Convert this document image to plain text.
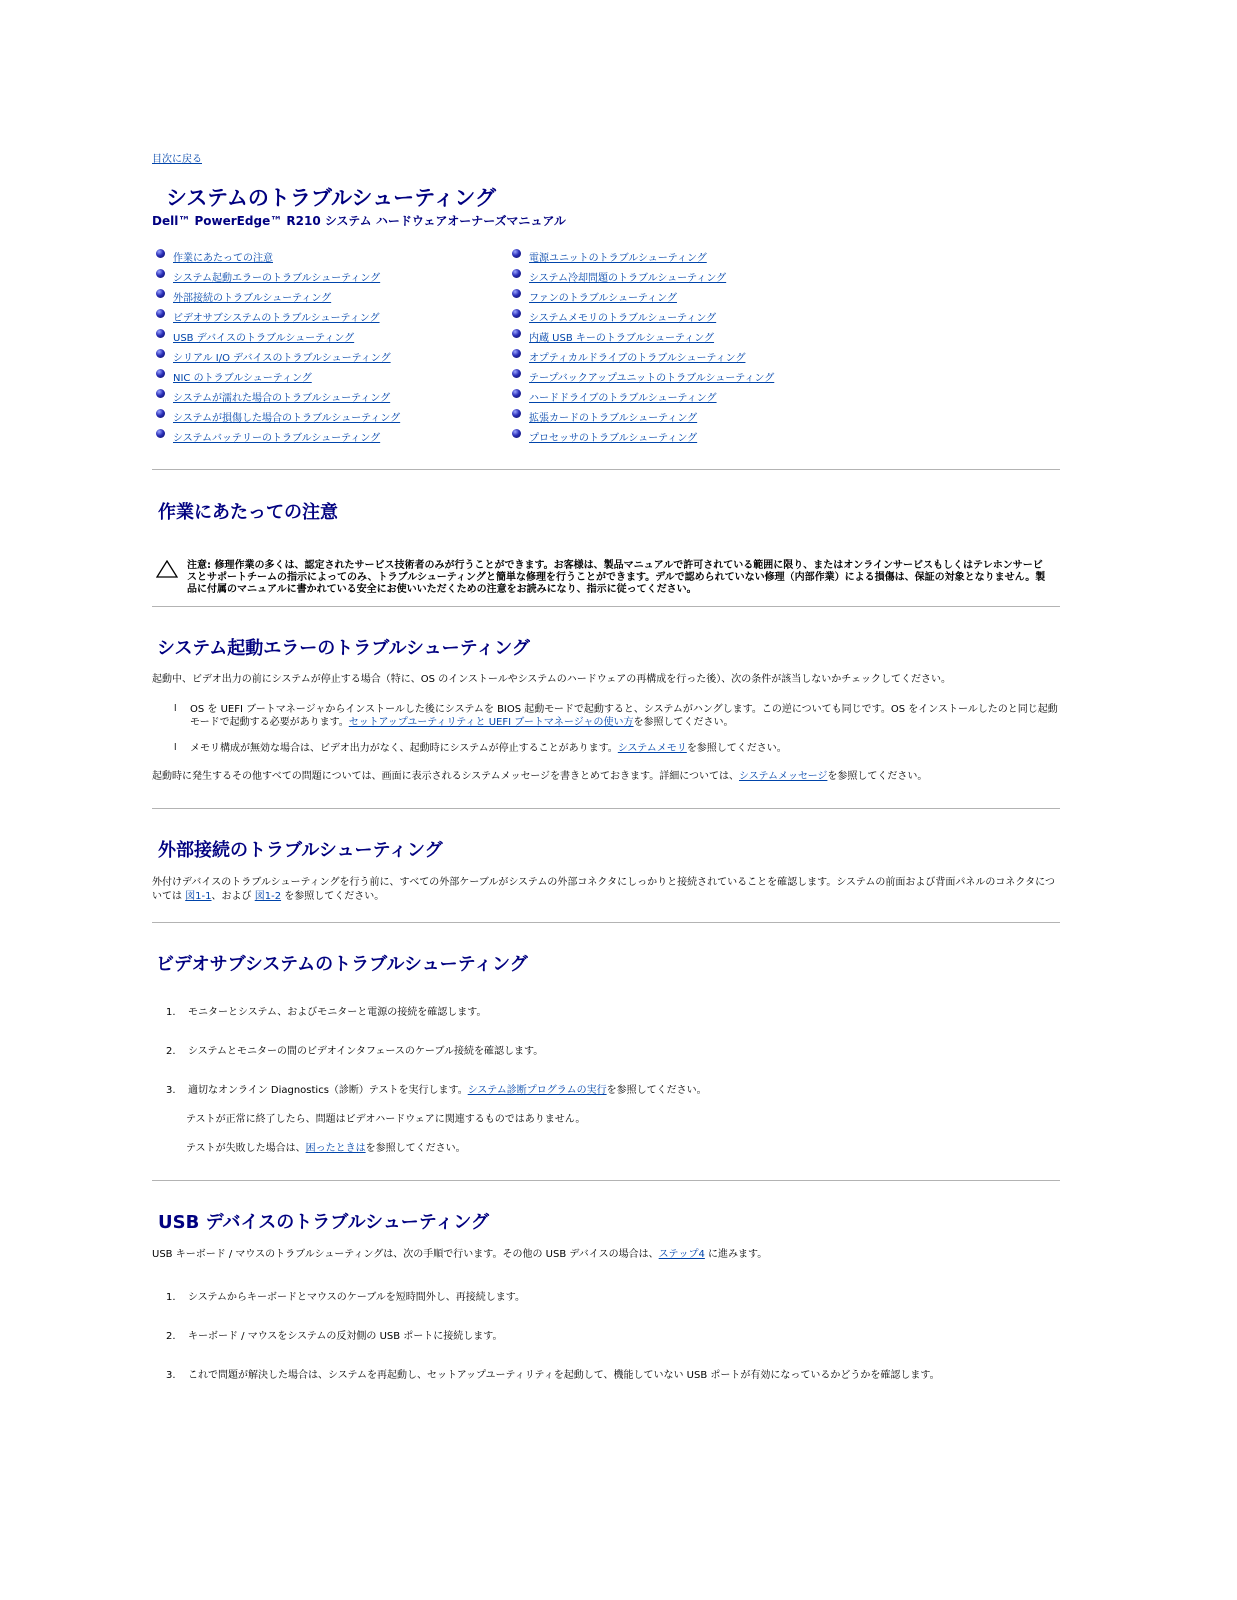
目次に戻る
システムのトラブルシューティング
Dell™ PowerEdge™ R210 システム ハードウェアオーナーズマニュアル
作業にあたっての注意
システム起動エラーのトラブルシューティング
外部接続のトラブルシューティング
ビデオサブシステムのトラブルシューティング
USB デバイスのトラブルシューティング
シリアル I/O デバイスのトラブルシューティング
NIC のトラブルシューティング
システムが濡れた場合のトラブルシューティング
システムが損傷した場合のトラブルシューティング
システムバッテリーのトラブルシューティング
電源ユニットのトラブルシューティング
システム冷却問題のトラブルシューティング
ファンのトラブルシューティング
システムメモリのトラブルシューティング
内蔵 USB キーのトラブルシューティング
オプティカルドライブのトラブルシューティング
テープバックアップユニットのトラブルシューティング
ハードドライブのトラブルシューティング
拡張カードのトラブルシューティング
プロセッサのトラブルシューティング
作業にあたっての注意
注意: 修理作業の多くは、認定されたサービス技術者のみが行うことができます。お客様は、製品マニュアルで許可されている範囲に限り、またはオンラインサービスもしくはテレホンサービスとサポートチームの指示によってのみ、トラブルシューティングと簡単な修理を行うことができます。デルで認められていない修理（内部作業）による損傷は、保証の対象となりません。製品に付属のマニュアルに書かれている安全にお使いいただくための注意をお読みになり、指示に従ってください。
システム起動エラーのトラブルシューティング
起動中、ビデオ出力の前にシステムが停止する場合（特に、OS のインストールやシステムのハードウェアの再構成を行った後）、次の条件が該当しないかチェックしてください。
l	OS を UEFI ブートマネージャからインストールした後にシステムを BIOS 起動モードで起動すると、システムがハングします。この逆についても同じです。OS をインストールしたのと同じ起動モードで起動する必要があります。セットアップユーティリティと UEFI ブートマネージャの使い方を参照してください。
l	メモリ構成が無効な場合は、ビデオ出力がなく、起動時にシステムが停止することがあります。システムメモリを参照してください。
起動時に発生するその他すべての問題については、画面に表示されるシステムメッセージを書きとめておきます。詳細については、システムメッセージを参照してください。
外部接続のトラブルシューティング
外付けデバイスのトラブルシューティングを行う前に、すべての外部ケーブルがシステムの外部コネクタにしっかりと接続されていることを確認します。システムの前面および背面パネルのコネクタについては 図1-1、および 図1-2 を参照してください。
ビデオサブシステムのトラブルシューティング
1.	モニターとシステム、およびモニターと電源の接続を確認します。
2.	システムとモニターの間のビデオインタフェースのケーブル接続を確認します。
3.	適切なオンライン Diagnostics（診断）テストを実行します。システム診断プログラムの実行を参照してください。
テストが正常に終了したら、問題はビデオハードウェアに関連するものではありません。
テストが失敗した場合は、困ったときはを参照してください。
USB デバイスのトラブルシューティング
USB キーボード / マウスのトラブルシューティングは、次の手順で行います。その他の USB デバイスの場合は、ステップ4 に進みます。
1.	システムからキーボードとマウスのケーブルを短時間外し、再接続します。
2.	キーボード / マウスをシステムの反対側の USB ポートに接続します。
3.	これで問題が解決した場合は、システムを再起動し、セットアップユーティリティを起動して、機能していない USB ポートが有効になっているかどうかを確認します。
